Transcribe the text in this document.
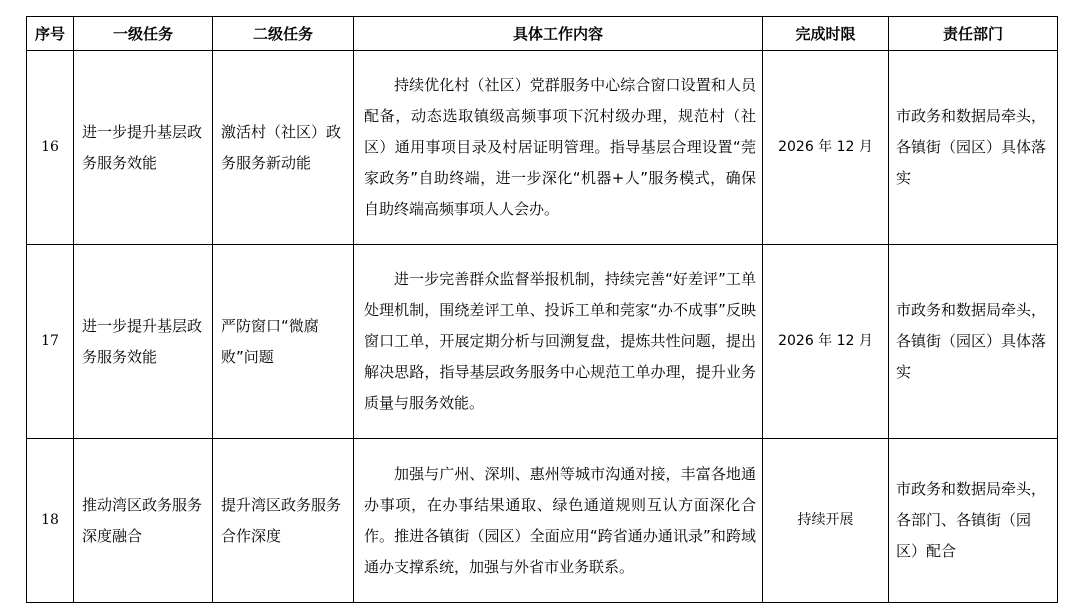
序号	一级任务	二级任务	具体工作内容	完成时限	责任部门
16	进一步提升基层政务服务效能	激活村（社区）政务服务新动能	持续优化村（社区）党群服务中心综合窗口设置和人员配备，动态选取镇级高频事项下沉村级办理，规范村（社区）通用事项目录及村居证明管理。指导基层合理设置“莞家政务”自助终端，进一步深化“机器+人”服务模式，确保自助终端高频事项人人会办。	2026 年 12 月	市政务和数据局牵头，各镇街（园区）具体落实
17	进一步提升基层政务服务效能	严防窗口“微腐败”问题	进一步完善群众监督举报机制，持续完善“好差评”工单处理机制，围绕差评工单、投诉工单和莞家“办不成事”反映窗口工单，开展定期分析与回溯复盘，提炼共性问题，提出解决思路，指导基层政务服务中心规范工单办理，提升业务质量与服务效能。	2026 年 12 月	市政务和数据局牵头，各镇街（园区）具体落实
18	推动湾区政务服务深度融合	提升湾区政务服务合作深度	加强与广州、深圳、惠州等城市沟通对接，丰富各地通办事项，在办事结果通取、绿色通道规则互认方面深化合作。推进各镇街（园区）全面应用“跨省通办通讯录”和跨域通办支撑系统，加强与外省市业务联系。	持续开展	市政务和数据局牵头，各部门、各镇街（园区）配合
